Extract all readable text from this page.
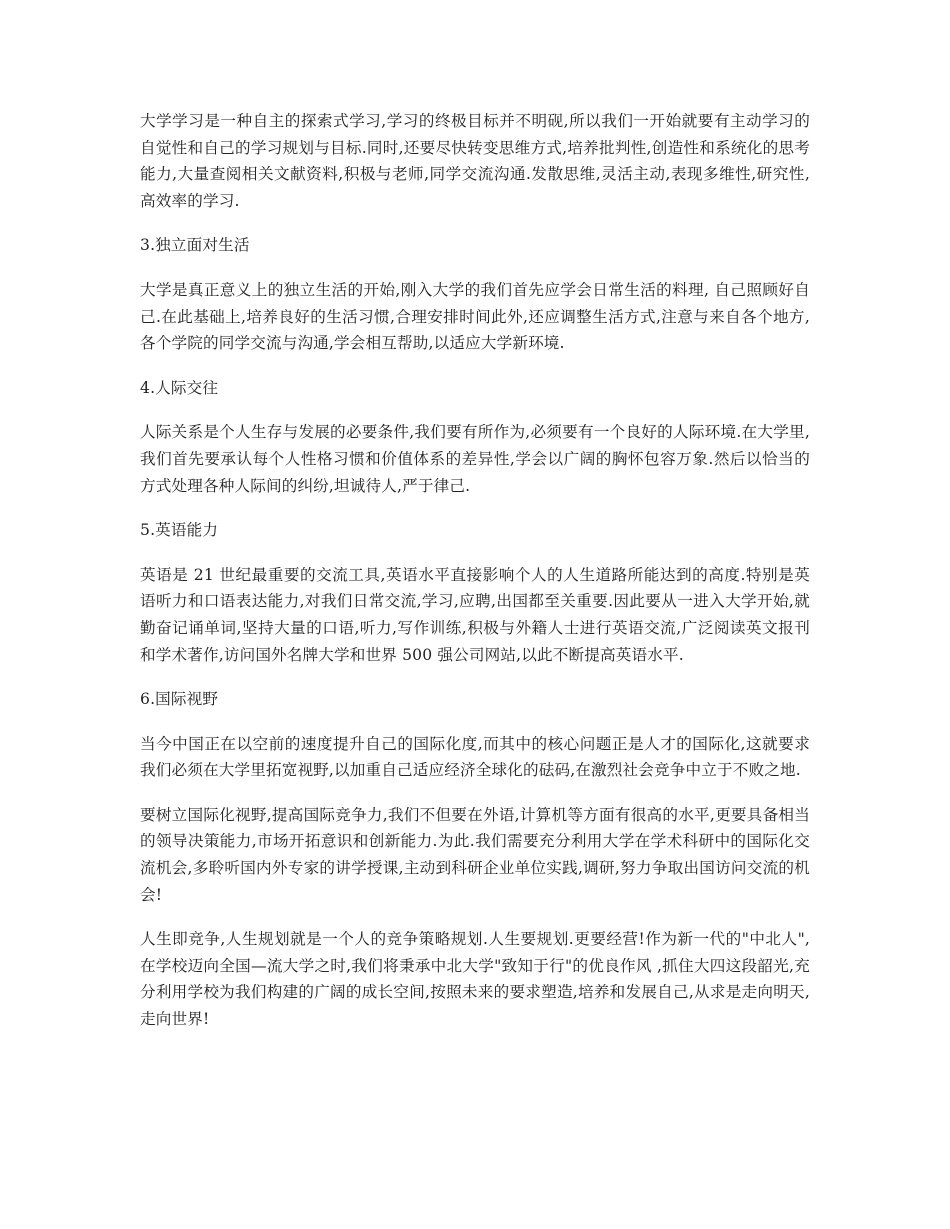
大学学习是一种自主的探索式学习,学习的终极目标并不明砚,所以我们一开始就要有主动学习的自觉性和自己的学习规划与目标.同时,还要尽快转变思维方式,培养批判性,创造性和系统化的思考能力,大量查阅相关文献资料,积极与老师,同学交流沟通.发散思维,灵活主动,表现多维性,研究性,高效率的学习.

3.独立面对生活

大学是真正意义上的独立生活的开始,刚入大学的我们首先应学会日常生活的料理, 自己照顾好自己.在此基础上,培养良好的生活习惯,合理安排时间此外,还应调整生活方式,注意与来自各个地方,各个学院的同学交流与沟通,学会相互帮助,以适应大学新环境.

4.人际交往

人际关系是个人生存与发展的必要条件,我们要有所作为,必须要有一个良好的人际环境.在大学里,我们首先要承认每个人性格习惯和价值体系的差异性,学会以广阔的胸怀包容万象.然后以恰当的方式处理各种人际间的纠纷,坦诚待人,严于律己.

5.英语能力

英语是 21 世纪最重要的交流工具,英语水平直接影响个人的人生道路所能达到的高度.特别是英语听力和口语表达能力,对我们日常交流,学习,应聘,出国都至关重要.因此要从一进入大学开始,就勤奋记诵单词,坚持大量的口语,听力,写作训练,积极与外籍人士进行英语交流,广泛阅读英文报刊和学术著作,访问国外名牌大学和世界 500 强公司网站,以此不断提高英语水平.

6.国际视野

当今中国正在以空前的速度提升自己的国际化度,而其中的核心问题正是人才的国际化,这就要求我们必须在大学里拓宽视野,以加重自己适应经济全球化的砝码,在激烈社会竞争中立于不败之地.

要树立国际化视野,提高国际竞争力,我们不但要在外语,计算机等方面有很高的水平,更要具备相当的领导决策能力,市场开拓意识和创新能力.为此.我们需要充分利用大学在学术科研中的国际化交流机会,多聆听国内外专家的讲学授课,主动到科研企业单位实践,调研,努力争取出国访问交流的机会!

人生即竞争,人生规划就是一个人的竞争策略规划.人生要规划.更要经营!作为新一代的"中北人",在学校迈向全国—流大学之时,我们将秉承中北大学"致知于行"的优良作风 ,抓住大四这段韶光,充分利用学校为我们构建的广阔的成长空间,按照未来的要求塑造,培养和发展自己,从求是走向明天,走向世界!
